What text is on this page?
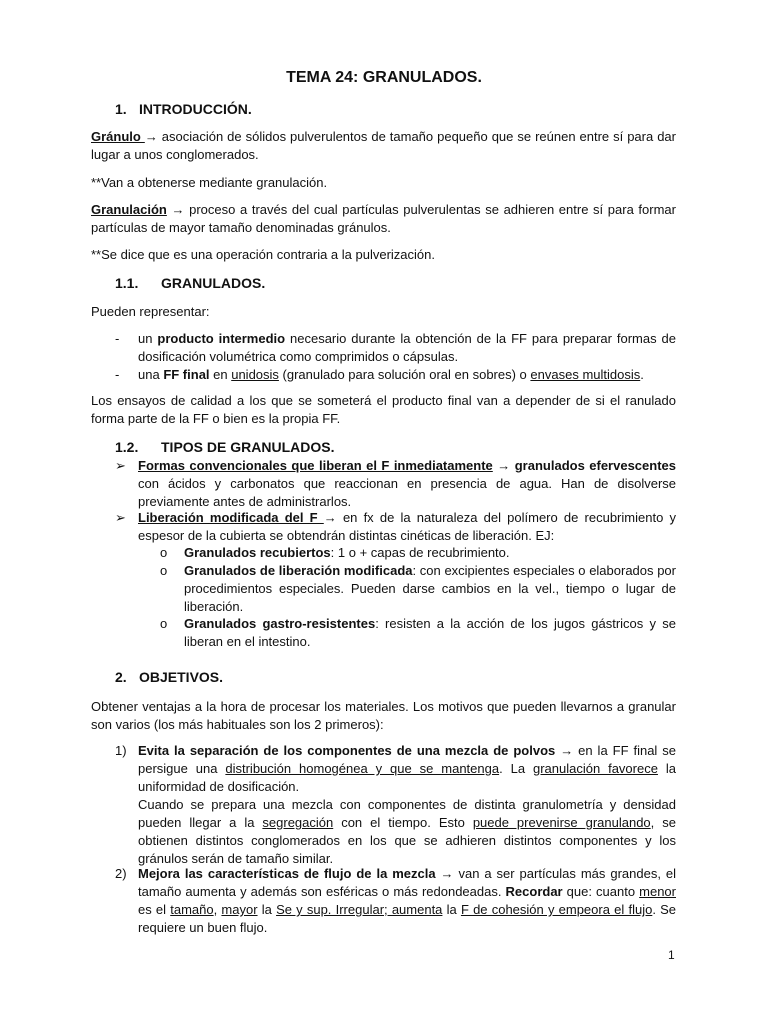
TEMA 24: GRANULADOS.
1. INTRODUCCIÓN.
Gránulo → asociación de sólidos pulverulentos de tamaño pequeño que se reúnen entre sí para dar lugar a unos conglomerados.
**Van a obtenerse mediante granulación.
Granulación → proceso a través del cual partículas pulverulentas se adhieren entre sí para formar partículas de mayor tamaño denominadas gránulos.
**Se dice que es una operación contraria a la pulverización.
1.1. GRANULADOS.
Pueden representar:
- un producto intermedio necesario durante la obtención de la FF para preparar formas de dosificación volumétrica como comprimidos o cápsulas.
- una FF final en unidosis (granulado para solución oral en sobres) o envases multidosis.
Los ensayos de calidad a los que se someterá el producto final van a depender de si el ranulado forma parte de la FF o bien es la propia FF.
1.2. TIPOS DE GRANULADOS.
➢ Formas convencionales que liberan el F inmediatamente → granulados efervescentes con ácidos y carbonatos que reaccionan en presencia de agua. Han de disolverse previamente antes de administrarlos.
➢ Liberación modificada del F → en fx de la naturaleza del polímero de recubrimiento y espesor de la cubierta se obtendrán distintas cinéticas de liberación. EJ:
o Granulados recubiertos: 1 o + capas de recubrimiento.
o Granulados de liberación modificada: con excipientes especiales o elaborados por procedimientos especiales. Pueden darse cambios en la vel., tiempo o lugar de liberación.
o Granulados gastro-resistentes: resisten a la acción de los jugos gástricos y se liberan en el intestino.
2. OBJETIVOS.
Obtener ventajas a la hora de procesar los materiales. Los motivos que pueden llevarnos a granular son varios (los más habituales son los 2 primeros):
1) Evita la separación de los componentes de una mezcla de polvos → en la FF final se persigue una distribución homogénea y que se mantenga. La granulación favorece la uniformidad de dosificación.
Cuando se prepara una mezcla con componentes de distinta granulometría y densidad pueden llegar a la segregación con el tiempo. Esto puede prevenirse granulando, se obtienen distintos conglomerados en los que se adhieren distintos componentes y los gránulos serán de tamaño similar.
2) Mejora las características de flujo de la mezcla → van a ser partículas más grandes, el tamaño aumenta y además son esféricas o más redondeadas. Recordar que: cuanto menor es el tamaño, mayor la Se y sup. Irregular; aumenta la F de cohesión y empeora el flujo. Se requiere un buen flujo.
1
